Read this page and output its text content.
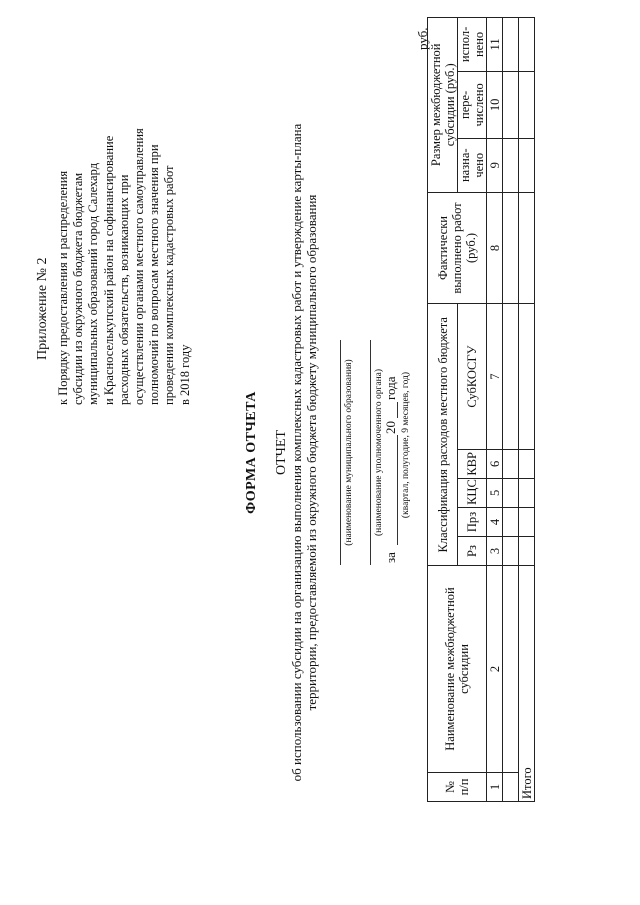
Приложение № 2 к Порядку предоставления и распределения субсидии из окружного бюджета бюджетам муниципальных образований город Салехард и Красноселькупский район на софинансирование расходных обязательств, возникающих при осуществлении органами местного самоуправления полномочий по вопросам местного значения при проведении комплексных кадастровых работ в 2018 году
ФОРМА ОТЧЕТА ОТЧЕТ об использовании субсидии на организацию выполнения комплексных кадастровых работ и утверждение карты-плана территории, предоставляемой из окружного бюджета бюджету муниципального образования	(наименование муниципального образования) (наименование уполномоченного органа)
за
20
года (квартал, полугодие, 9 месяцев, год)
руб.
№ п/п	Наименование межбюджетной субсидии	Классификация расходов местного бюджета					Фактически выполнено работ (руб.)	Размер межбюджетной субсидии (руб.)		
		Рз	Прз	КЦС	КВР	СубКОСГУ		назна-чено	пере-числено	испол-нено

1	2	3	4	5	6	7	8	9	10	11

Итого										
